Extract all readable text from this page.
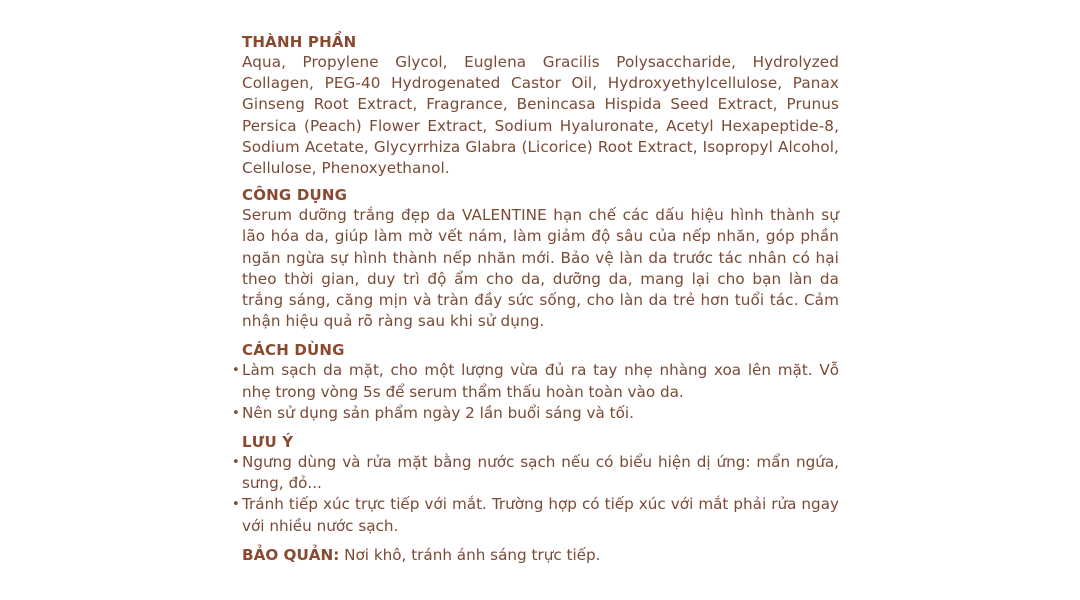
THÀNH PHẦN

Aqua, Propylene Glycol, Euglena Gracilis Polysaccharide, Hydrolyzed Collagen, PEG-40 Hydrogenated Castor Oil, Hydroxyethylcellulose, Panax Ginseng Root Extract, Fragrance, Benincasa Hispida Seed Extract, Prunus Persica (Peach) Flower Extract, Sodium Hyaluronate, Acetyl Hexapeptide-8, Sodium Acetate, Glycyrrhiza Glabra (Licorice) Root Extract, Isopropyl Alcohol, Cellulose, Phenoxyethanol.

CÔNG DỤNG

Serum dưỡng trắng đẹp da VALENTINE hạn chế các dấu hiệu hình thành sự lão hóa da, giúp làm mờ vết nám, làm giảm độ sâu của nếp nhăn, góp phần ngăn ngừa sự hình thành nếp nhăn mới. Bảo vệ làn da trước tác nhân có hại theo thời gian, duy trì độ ẩm cho da, dưỡng da, mang lại cho bạn làn da trắng sáng, căng mịn và tràn đầy sức sống, cho làn da trẻ hơn tuổi tác. Cảm nhận hiệu quả rõ ràng sau khi sử dụng.

CÁCH DÙNG

• Làm sạch da mặt, cho một lượng vừa đủ ra tay nhẹ nhàng xoa lên mặt. Vỗ nhẹ trong vòng 5s để serum thẩm thấu hoàn toàn vào da.
• Nên sử dụng sản phẩm ngày 2 lần buổi sáng và tối.

LƯU Ý

• Ngưng dùng và rửa mặt bằng nước sạch nếu có biểu hiện dị ứng: mẩn ngứa, sưng, đỏ...
• Tránh tiếp xúc trực tiếp với mắt. Trường hợp có tiếp xúc với mắt phải rửa ngay với nhiều nước sạch.
BẢO QUẢN: Nơi khô, tránh ánh sáng trực tiếp.
